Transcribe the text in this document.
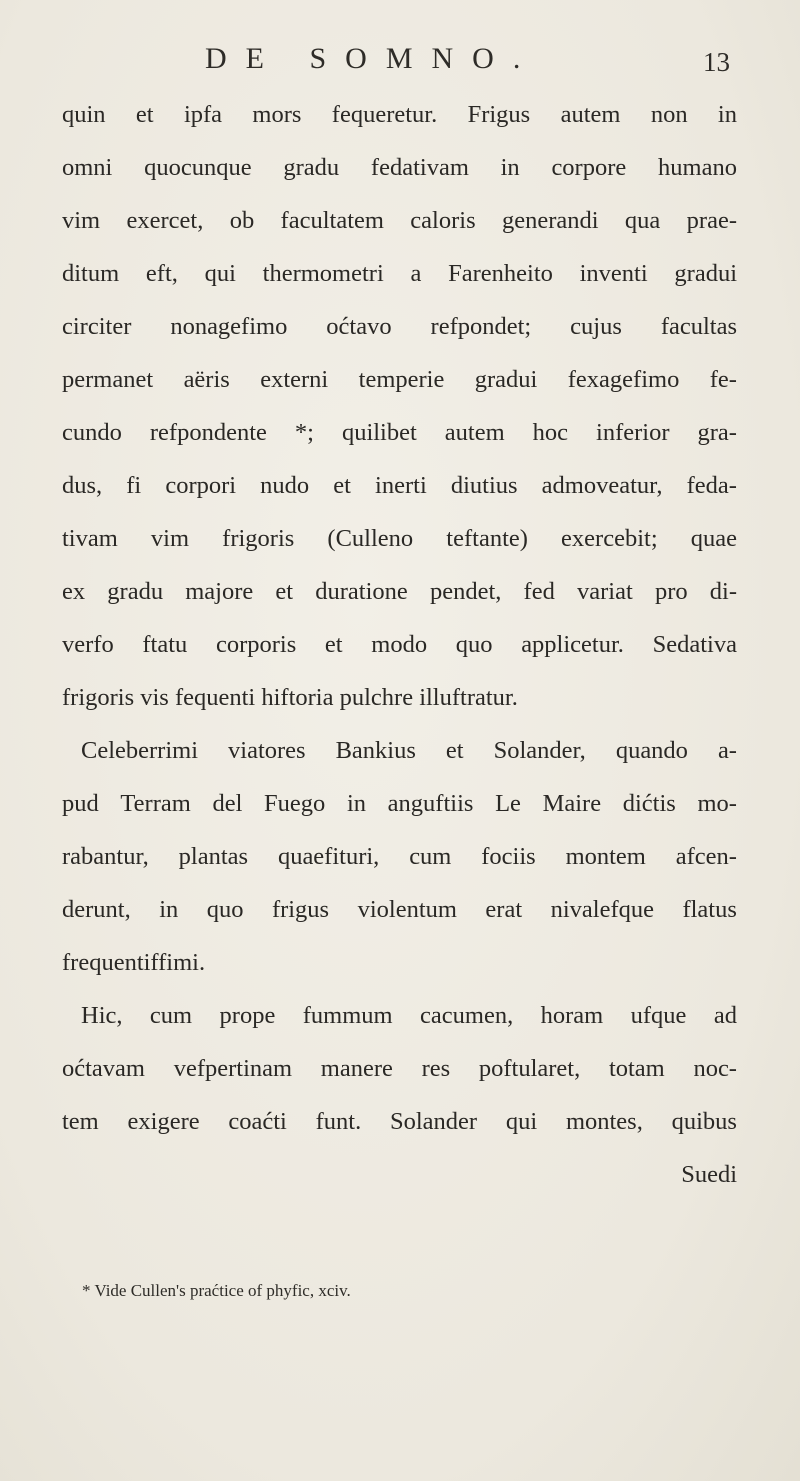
DE SOMNO.	13
quin et ipfa mors fequeretur. Frigus autem non in
omni quocunque gradu fedativam in corpore humano
vim exercet, ob facultatem caloris generandi qua prae-
ditum eft, qui thermometri a Farenheito inventi gradui
circiter nonagefimo oćtavo refpondet; cujus facultas
permanet aëris externi temperie gradui fexagefimo fe-
cundo refpondente *; quilibet autem hoc inferior gra-
dus, fi corpori nudo et inerti diutius admoveatur, feda-
tivam vim frigoris (Culleno teftante) exercebit; quae
ex gradu majore et duratione pendet, fed variat pro di-
verfo ftatu corporis et modo quo applicetur. Sedativa
frigoris vis fequenti hiftoria pulchre illuftratur.
Celeberrimi viatores Bankius et Solander, quando a-
pud Terram del Fuego in anguftiis Le Maire dićtis mo-
rabantur, plantas quaefituri, cum fociis montem afcen-
derunt, in quo frigus violentum erat nivalefque flatus
frequentiffimi.
Hic, cum prope fummum cacumen, horam ufque ad
oćtavam vefpertinam manere res poftularet, totam noc-
tem exigere coaćti funt. Solander qui montes, quibus
Suedi
* Vide Cullen's praćtice of phyfic, xciv.
